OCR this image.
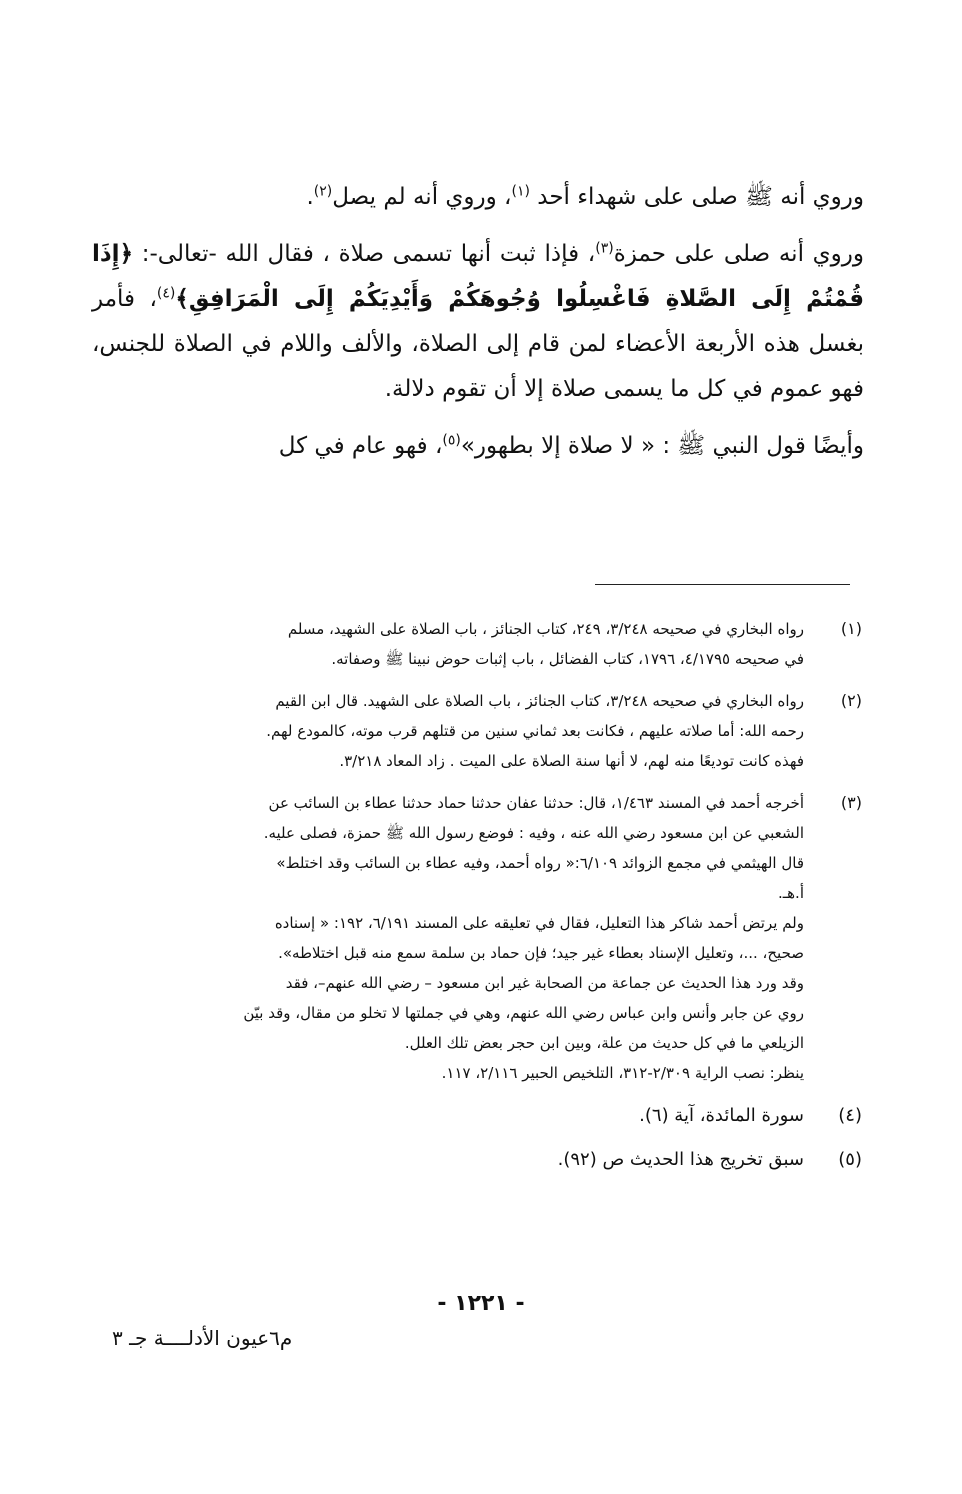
وروي أنه ﷺ صلى على شهداء أحد $^{(١)}$، وروي أنه لم يصل$^{(٢)}$.

وروي أنه صلى على حمزة$^{(٣)}$، فإذا ثبت أنها تسمى صلاة ، فقال الله -تعالى-: ﴿إِذَا قُمْتُمْ إِلَى الصَّلاةِ فَاغْسِلُوا وُجُوهَكُمْ وَأَيْدِيَكُمْ إِلَى الْمَرَافِقِ﴾$^{(٤)}$، فأمر بغسل هذه الأربعة الأعضاء لمن قام إلى الصلاة، والألف واللام في الصلاة للجنس، فهو عموم في كل ما يسمى صلاة إلا أن تقوم دلالة.

وأيضًا قول النبي ﷺ : « لا صلاة إلا بطهور»$^{(٥)}$، فهو عام في كل

(١)
رواه البخاري في صحيحه ٣/٢٤٨، ٢٤٩، كتاب الجنائز ، باب الصلاة على الشهيد، مسلم
في صحيحه ٤/١٧٩٥، ١٧٩٦، كتاب الفضائل ، باب إثبات حوض نبينا ﷺ وصفاته.
(٢)
رواه البخاري في صحيحه ٣/٢٤٨، كتاب الجنائز ، باب الصلاة على الشهيد. قال ابن القيم
رحمه الله: أما صلاته عليهم ، فكانت بعد ثماني سنين من قتلهم قرب موته، كالمودع لهم.
فهذه كانت توديعًا منه لهم، لا أنها سنة الصلاة على الميت . زاد المعاد ٣/٢١٨.
(٣)
أخرجه أحمد في المسند ١/٤٦٣، قال: حدثنا عفان حدثنا حماد حدثنا عطاء بن السائب عن
الشعبي عن ابن مسعود رضي الله عنه ، وفيه : فوضع رسول الله ﷺ حمزة، فصلى عليه.
قال الهيثمي في مجمع الزوائد ٦/١٠٩:« رواه أحمد، وفيه عطاء بن السائب وقد اختلط»
أ.هـ.
ولم يرتض أحمد شاكر هذا التعليل، فقال في تعليقه على المسند ٦/١٩١، ١٩٢: « إسناده
صحيح، ...، وتعليل الإسناد بعطاء غير جيد؛ فإن حماد بن سلمة سمع منه قبل اختلاطه».
وقد ورد هذا الحديث عن جماعة من الصحابة غير ابن مسعود – رضي الله عنهم–، فقد
روي عن جابر وأنس وابن عباس رضي الله عنهم، وهي في جملتها لا تخلو من مقال، وقد بيّن
الزيلعي ما في كل حديث من علة، وبين ابن حجر بعض تلك العلل.
ينظر: نصب الراية ٢/٣٠٩-٣١٢، التلخيص الحبير ٢/١١٦، ١١٧.
(٤)
سورة المائدة، آية (٦).
(٥)
سبق تخريج هذا الحديث ص (٩٢).
- ١٢٢١ -
م٦عيون الأدلــــة جـ ٣
